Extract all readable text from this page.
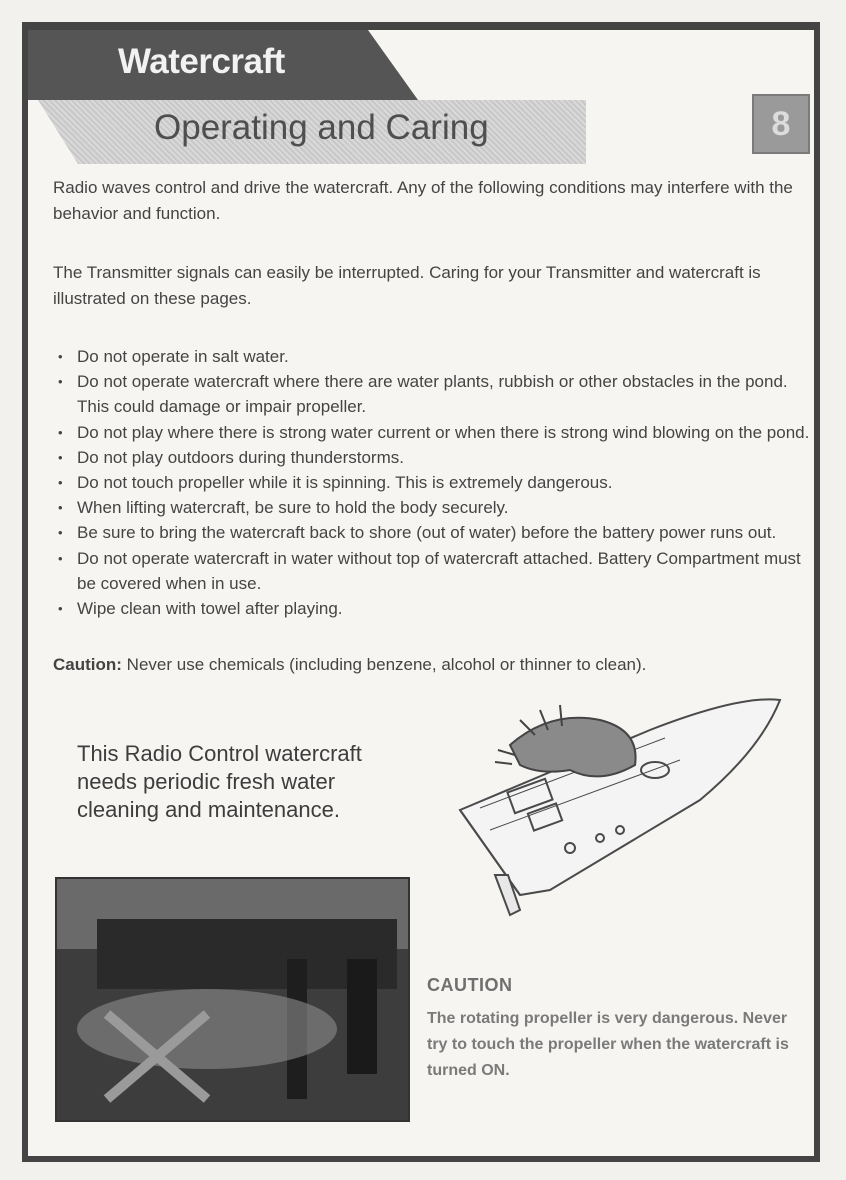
Watercraft
Operating and Caring	8
Radio waves control and drive the watercraft. Any of the following conditions may interfere with the behavior and function.
The Transmitter signals can easily be interrupted. Caring for your Transmitter and watercraft is illustrated on these pages.
• Do not operate in salt water.
• Do not operate watercraft where there are water plants, rubbish or other obstacles in the pond. This could damage or impair propeller.
• Do not play where there is strong water current or when there is strong wind blowing on the pond.
• Do not play outdoors during thunderstorms.
• Do not touch propeller while it is spinning. This is extremely dangerous.
• When lifting watercraft, be sure to hold the body securely.
• Be sure to bring the watercraft back to shore (out of water) before the battery power runs out.
• Do not operate watercraft in water without top of watercraft attached. Battery Compartment must be covered when in use.
• Wipe clean with towel after playing.
Caution: Never use chemicals (including benzene, alcohol or thinner to clean).
This Radio Control watercraft needs periodic fresh water cleaning and maintenance.
CAUTION
The rotating propeller is very dangerous. Never try to touch the propeller when the watercraft is turned ON.
